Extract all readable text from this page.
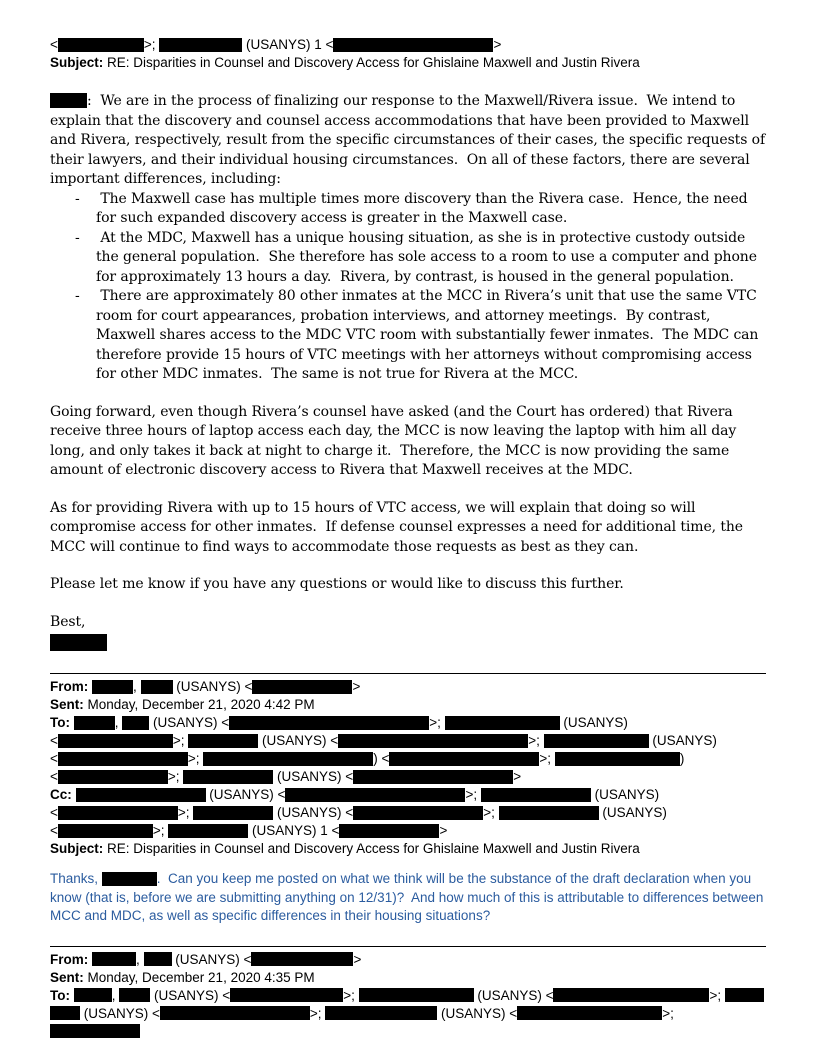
<	>;	(USANYS) 1 <	>
Subject: RE: Disparities in Counsel and Discovery Access for Ghislaine Maxwell and Justin Rivera
:  We are in the process of finalizing our response to the Maxwell/Rivera issue.  We intend to explain that the discovery and counsel access accommodations that have been provided to Maxwell and Rivera, respectively, result from the specific circumstances of their cases, the specific requests of their lawyers, and their individual housing circumstances.  On all of these factors, there are several important differences, including:
-	The Maxwell case has multiple times more discovery than the Rivera case.  Hence, the need for such expanded discovery access is greater in the Maxwell case.
-	At the MDC, Maxwell has a unique housing situation, as she is in protective custody outside the general population.  She therefore has sole access to a room to use a computer and phone for approximately 13 hours a day.  Rivera, by contrast, is housed in the general population.
-	There are approximately 80 other inmates at the MCC in Rivera’s unit that use the same VTC room for court appearances, probation interviews, and attorney meetings.  By contrast, Maxwell shares access to the MDC VTC room with substantially fewer inmates.  The MDC can therefore provide 15 hours of VTC meetings with her attorneys without compromising access for other MDC inmates.  The same is not true for Rivera at the MCC.
Going forward, even though Rivera’s counsel have asked (and the Court has ordered) that Rivera receive three hours of laptop access each day, the MCC is now leaving the laptop with him all day long, and only takes it back at night to charge it.  Therefore, the MCC is now providing the same amount of electronic discovery access to Rivera that Maxwell receives at the MDC.
As for providing Rivera with up to 15 hours of VTC access, we will explain that doing so will compromise access for other inmates.  If defense counsel expresses a need for additional time, the MCC will continue to find ways to accommodate those requests as best as they can.
Please let me know if you have any questions or would like to discuss this further.
Best,
From:	,  (USANYS) <	>
Sent: Monday, December 21, 2020 4:42 PM
To:	,  (USANYS) <	>;	(USANYS)
<	>;	(USANYS) <	>;	(USANYS)
<	>;	) <	>;	)
<	>;	(USANYS) <	>
Cc:	(USANYS) <	>;	(USANYS)
<	>;	(USANYS) <	>;	(USANYS)
<	>;	(USANYS) 1 <	>
Subject: RE: Disparities in Counsel and Discovery Access for Ghislaine Maxwell and Justin Rivera
Thanks,	.  Can you keep me posted on what we think will be the substance of the draft declaration when you know (that is, before we are submitting anything on 12/31)?  And how much of this is attributable to differences between MCC and MDC, as well as specific differences in their housing situations?
From:	,  (USANYS) <	>
Sent: Monday, December 21, 2020 4:35 PM
To:	,  (USANYS) <	>;	(USANYS) <	>;
(USANYS) <	>;	(USANYS) <	>;
